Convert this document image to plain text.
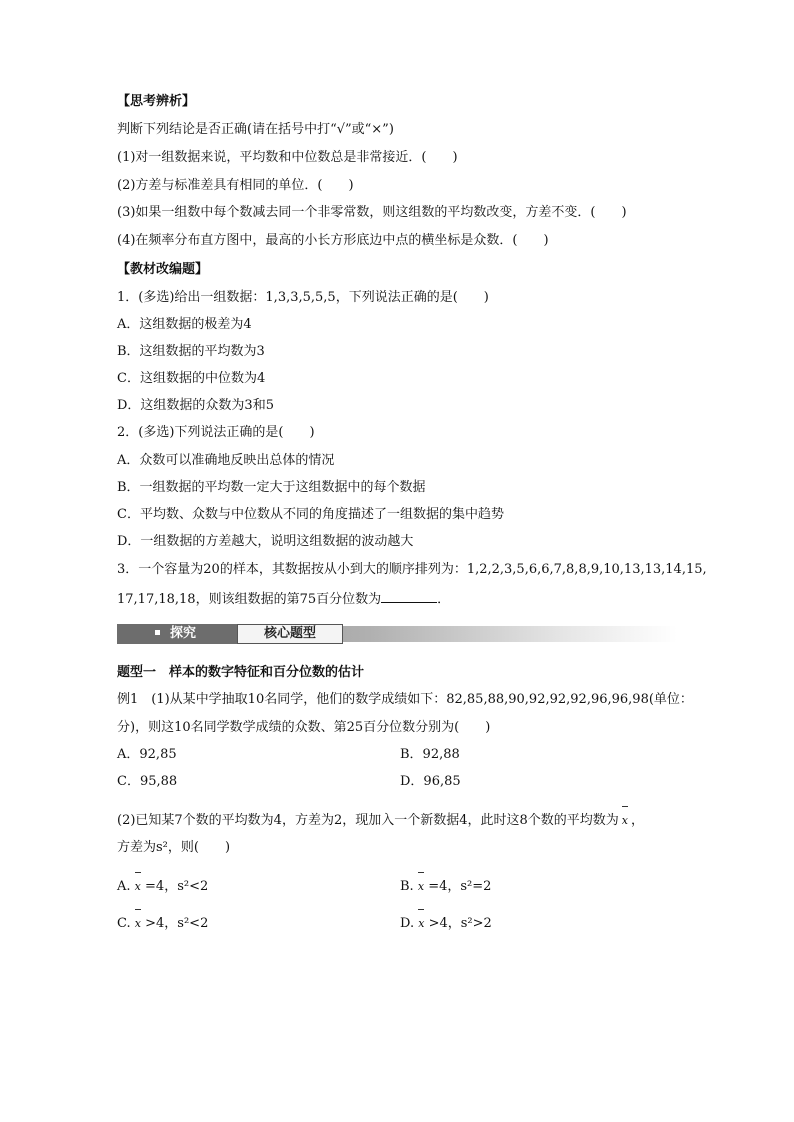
【思考辨析】
判断下列结论是否正确(请在括号中打“√”或“×”)
(1)对一组数据来说，平均数和中位数总是非常接近．(　　)
(2)方差与标准差具有相同的单位．(　　)
(3)如果一组数中每个数减去同一个非零常数，则这组数的平均数改变，方差不变．(　　)
(4)在频率分布直方图中，最高的小长方形底边中点的横坐标是众数．(　　)
【教材改编题】
1．(多选)给出一组数据：1,3,3,5,5,5，下列说法正确的是(　　)
A．这组数据的极差为4
B．这组数据的平均数为3
C．这组数据的中位数为4
D．这组数据的众数为3和5
2．(多选)下列说法正确的是(　　)
A．众数可以准确地反映出总体的情况
B．一组数据的平均数一定大于这组数据中的每个数据
C．平均数、众数与中位数从不同的角度描述了一组数据的集中趋势
D．一组数据的方差越大，说明这组数据的波动越大
3．一个容量为20的样本，其数据按从小到大的顺序排列为：1,2,2,3,5,6,6,7,8,8,9,10,13,13,14,15,
17,17,18,18，则该组数据的第75百分位数为	．
探究	核心题型
题型一　样本的数字特征和百分位数的估计
例1　(1)从某中学抽取10名同学，他们的数学成绩如下：82,85,88,90,92,92,92,96,96,98(单位：
分)，则这10名同学数学成绩的众数、第25百分位数分别为(　　)
A．92,85	B．92,88
C．95,88	D．96,85
(2)已知某7个数的平均数为4，方差为2，现加入一个新数据4，此时这8个数的平均数为 x ，
方差为s²，则(　　)
A. x =4，s²<2	B. x =4，s²=2
C. x >4，s²<2	D. x >4，s²>2
